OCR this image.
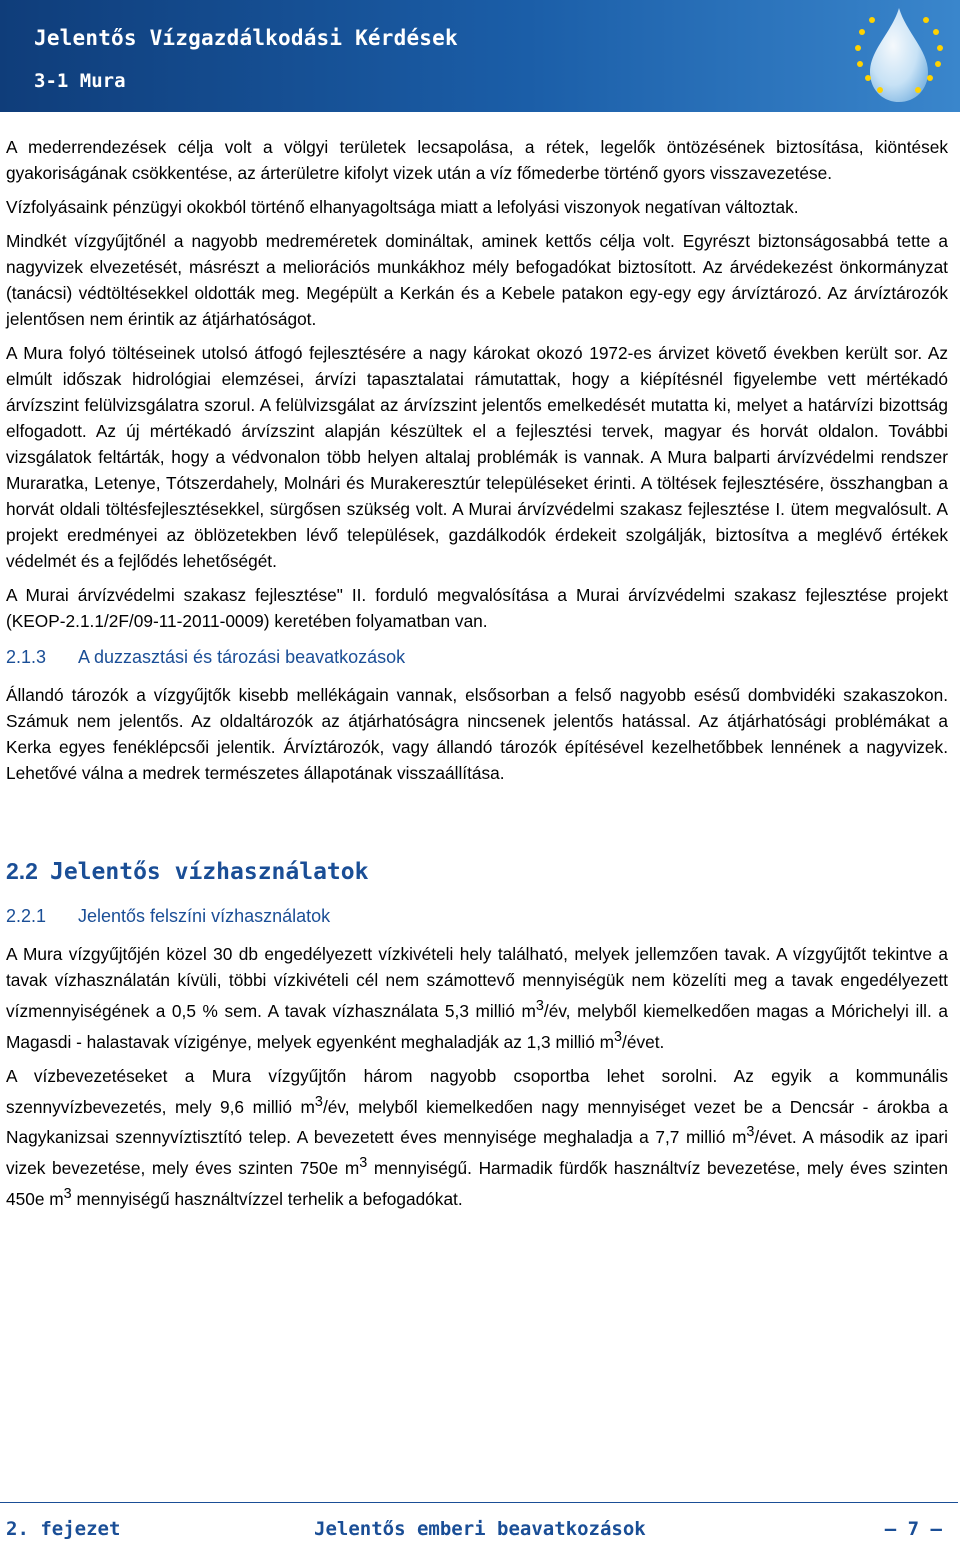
Jelentős Vízgazdálkodási Kérdések
3-1 Mura

A mederrendezések célja volt a völgyi területek lecsapolása, a rétek, legelők öntözésének biztosítása, kiöntések gyakoriságának csökkentése, az árterületre kifolyt vizek után a víz főmederbe történő gyors visszavezetése.

Vízfolyásaink pénzügyi okokból történő elhanyagoltsága miatt a lefolyási viszonyok negatívan változtak.

Mindkét vízgyűjtőnél a nagyobb medreméretek domináltak, aminek kettős célja volt. Egyrészt biztonságosabbá tette a nagyvizek elvezetését, másrészt a meliorációs munkákhoz mély befogadókat biztosított. Az árvédekezést önkormányzat (tanácsi) védtöltésekkel oldották meg. Megépült a Kerkán és a Kebele patakon egy-egy egy árvíztározó. Az árvíztározók jelentősen nem érintik az átjárhatóságot.

A Mura folyó töltéseinek utolsó átfogó fejlesztésére a nagy károkat okozó 1972-es árvizet követő években került sor. Az elmúlt időszak hidrológiai elemzései, árvízi tapasztalatai rámutattak, hogy a kiépítésnél figyelembe vett mértékadó árvízszint felülvizsgálatra szorul. A felülvizsgálat az árvízszint jelentős emelkedését mutatta ki, melyet a határvízi bizottság elfogadott. Az új mértékadó árvízszint alapján készültek el a fejlesztési tervek, magyar és horvát oldalon. További vizsgálatok feltárták, hogy a védvonalon több helyen altalaj problémák is vannak. A Mura balparti árvízvédelmi rendszer Muraratka, Letenye, Tótszerdahely, Molnári és Murakeresztúr településeket érinti. A töltések fejlesztésére, összhangban a horvát oldali töltésfejlesztésekkel, sürgősen szükség volt. A Murai árvízvédelmi szakasz fejlesztése I. ütem megvalósult. A projekt eredményei az öblözetekben lévő települések, gazdálkodók érdekeit szolgálják, biztosítva a meglévő értékek védelmét és a fejlődés lehetőségét.

A Murai árvízvédelmi szakasz fejlesztése" II. forduló megvalósítása a Murai árvízvédelmi szakasz fejlesztése projekt (KEOP-2.1.1/2F/09-11-2011-0009) keretében folyamatban van.

2.1.3 A duzzasztási és tározási beavatkozások

Állandó tározók a vízgyűjtők kisebb mellékágain vannak, elsősorban a felső nagyobb esésű dombvidéki szakaszokon. Számuk nem jelentős. Az oldaltározók az átjárhatóságra nincsenek jelentős hatással. Az átjárhatósági problémákat a Kerka egyes fenéklépcsői jelentik. Árvíztározók, vagy állandó tározók építésével kezelhetőbbek lennének a nagyvizek. Lehetővé válna a medrek természetes állapotának visszaállítása.

2.2 Jelentős vízhasználatok
2.2.1 Jelentős felszíni vízhasználatok

A Mura vízgyűjtőjén közel 30 db engedélyezett vízkivételi hely található, melyek jellemzően tavak. A vízgyűjtőt tekintve a tavak vízhasználatán kívüli, többi vízkivételi cél nem számottevő mennyiségük nem közelíti meg a tavak engedélyezett vízmennyiségének a 0,5 % sem. A tavak vízhasználata 5,3 millió $m^3/év$, melyből kiemelkedően magas a Mórichelyi ill. a Magasdi - halastavak vízigénye, melyek egyenként meghaladják az 1,3 millió $m^3$/évet.

A vízbevezetéseket a Mura vízgyűjtőn három nagyobb csoportba lehet sorolni. Az egyik a kommunális szennyvízbevezetés, mely 9,6 millió $m^3/év$, melyből kiemelkedően nagy mennyiséget vezet be a Dencsár - árokba a Nagykanizsai szennyvíztisztító telep. A bevezetett éves mennyisége meghaladja a 7,7 millió $m^3$/évet. A második az ipari vizek bevezetése, mely éves szinten 750e $m^3$ mennyiségű. Harmadik fürdők használtvíz bevezetése, mely éves szinten 450e $m^3$ mennyiségű használtvízzel terhelik a befogadókat.

2. fejezet	Jelentős emberi beavatkozások	— 7 —
